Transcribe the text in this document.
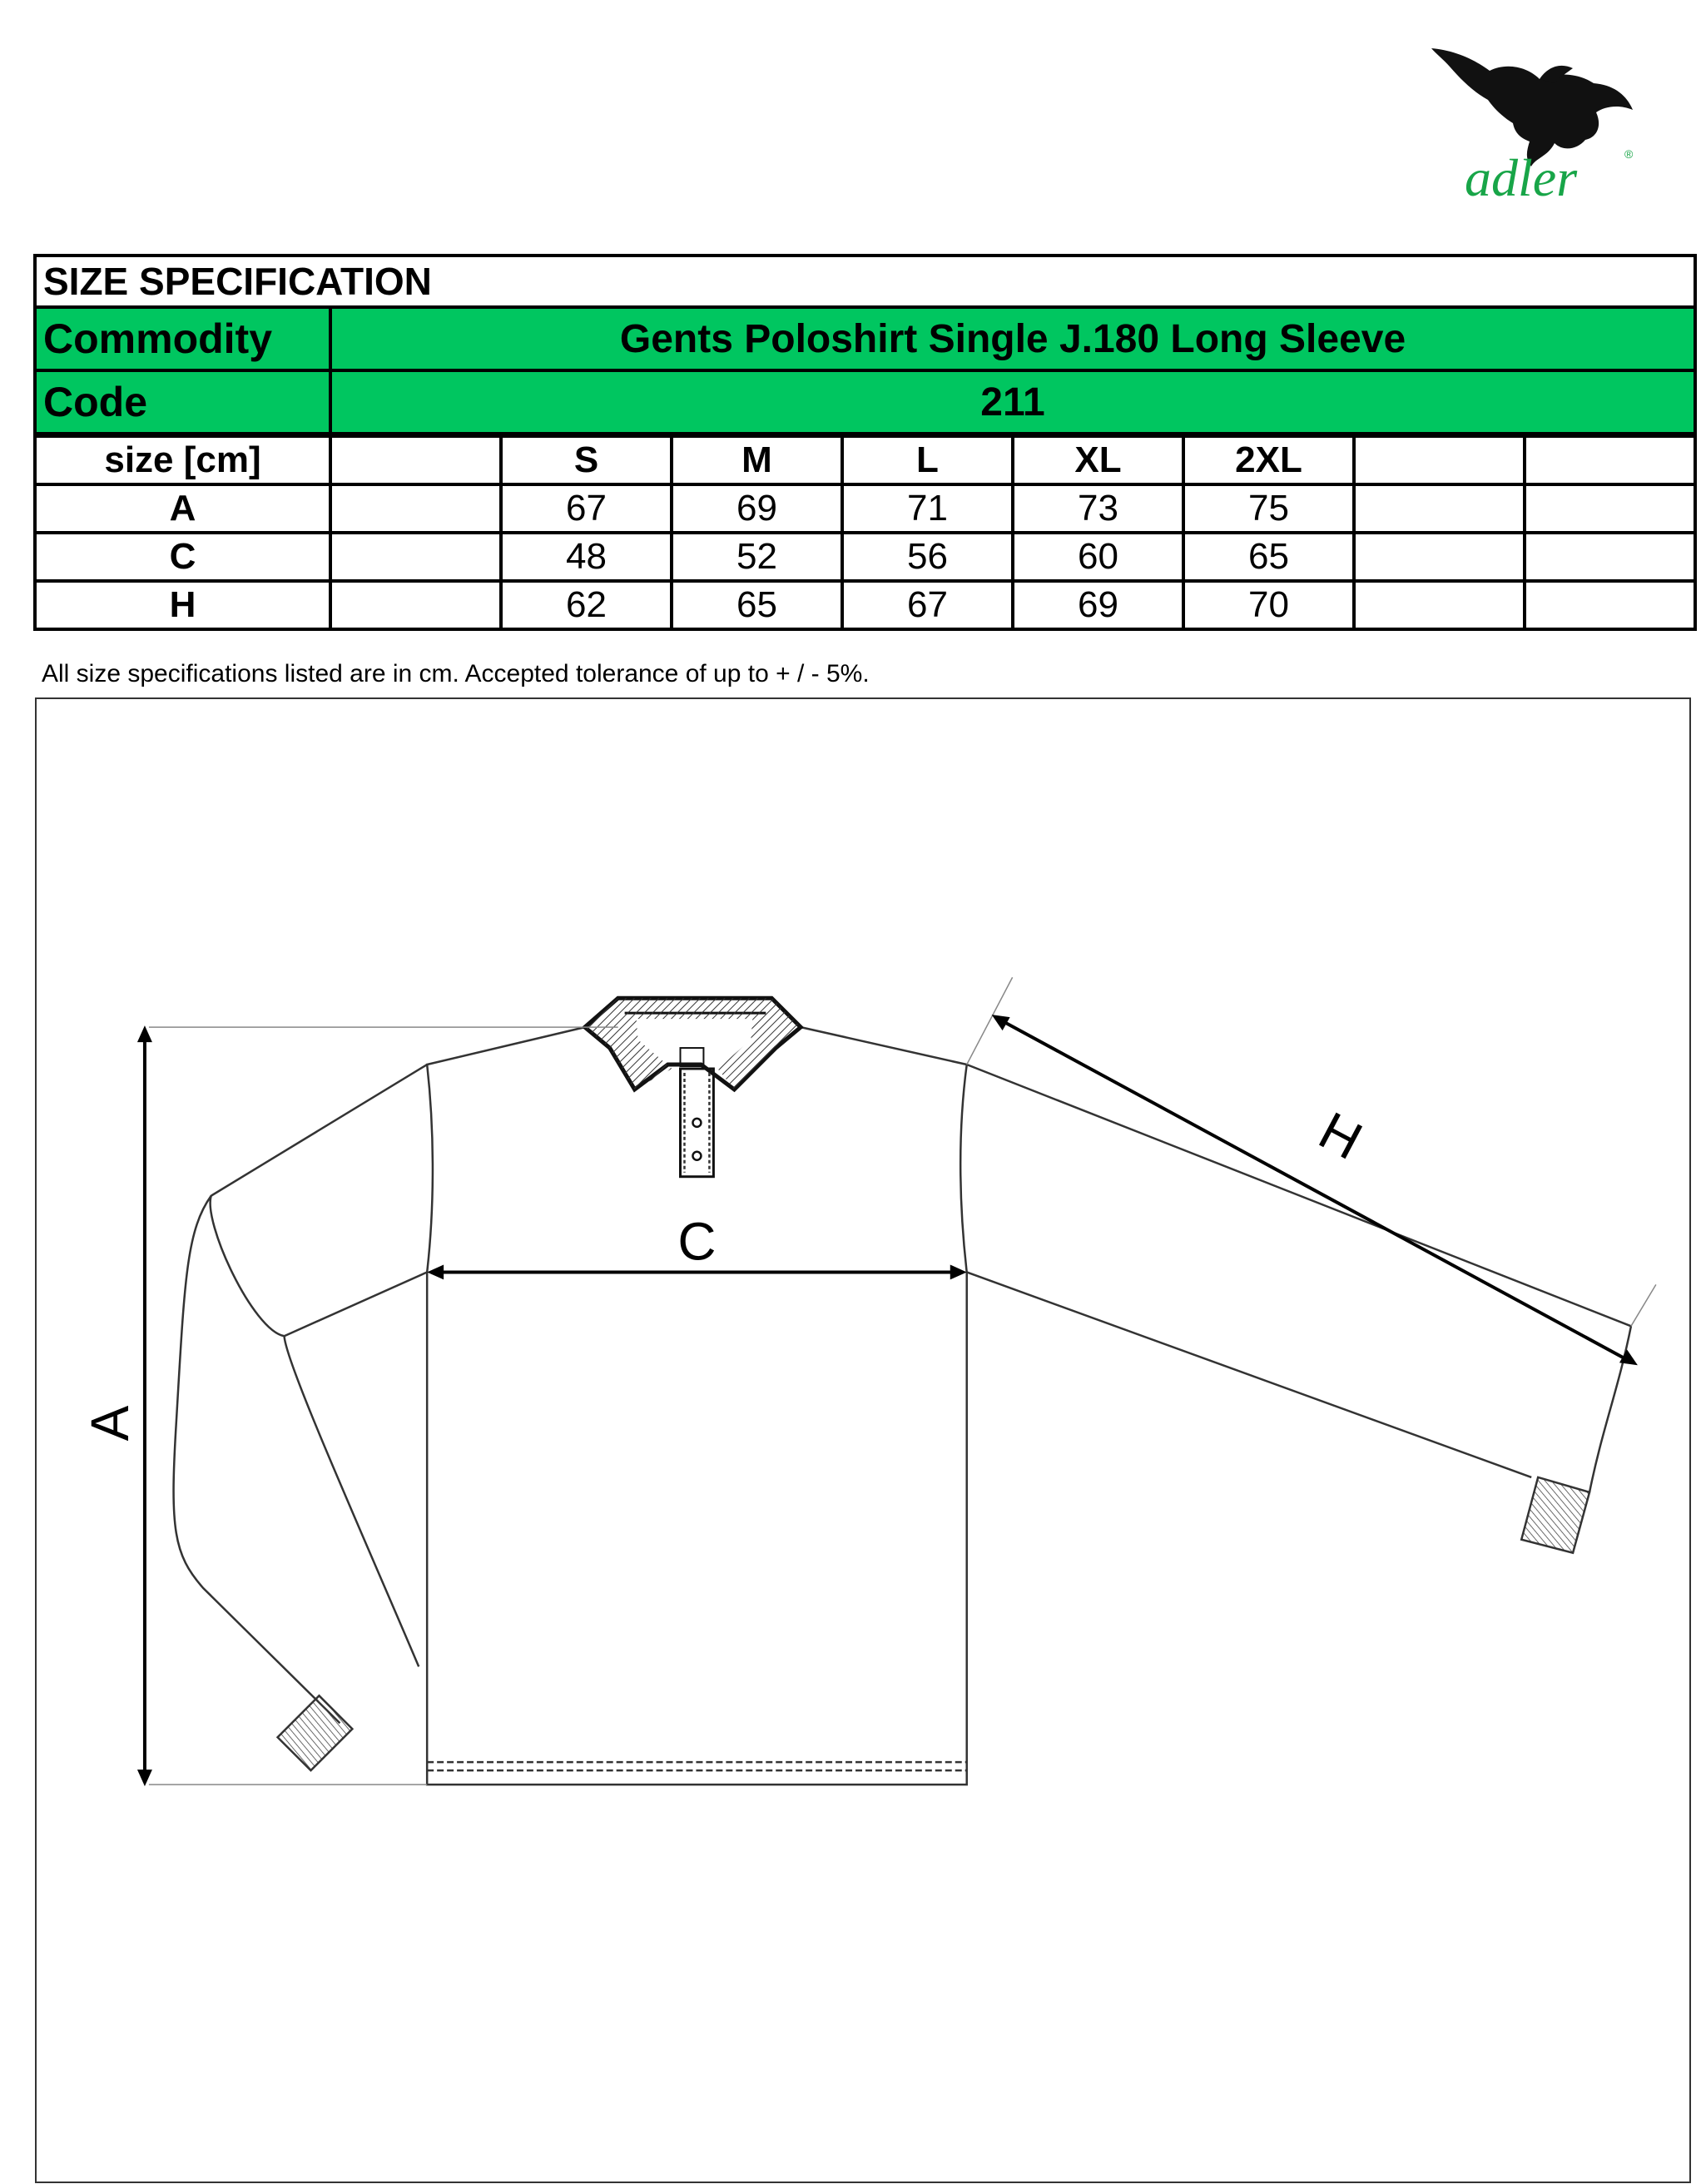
adler	®
SIZE SPECIFICATION								
Commodity	Gents Poloshirt Single J.180 Long Sleeve							
Code	211							
size [cm]		S	M	L	XL	2XL		
A		67	69	71	73	75		
C		48	52	56	60	65		
H		62	65	67	69	70		
All size specifications listed are in cm. Accepted tolerance of up to + / - 5%.
A
C
H
